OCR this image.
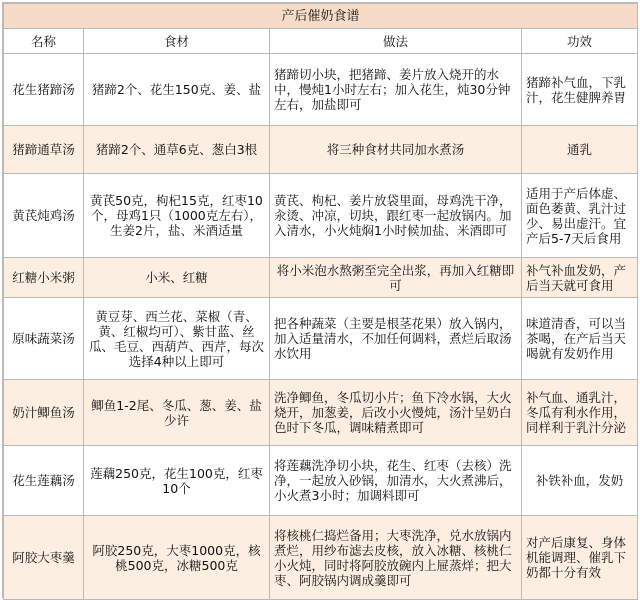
产后催奶食谱			
名称	食材	做法	功效
花生猪蹄汤	猪蹄2个、花生150克、姜、盐	猪蹄切小块，把猪蹄、姜片放入烧开的水中，慢炖1小时左右；加入花生，炖30分钟左右，加盐即可	猪蹄补气血，下乳汁，花生健脾养胃
猪蹄通草汤	猪蹄2个、通草6克、葱白3根	将三种食材共同加水煮汤	通乳
黄芪炖鸡汤	黄芪50克，枸杞15克，红枣10个，母鸡1只（1000克左右），生姜2片，盐、米酒适量	黄芪、枸杞、姜片放袋里面，母鸡洗干净，汆烫、冲凉，切块，跟红枣一起放锅内。加入清水，小火炖焖1小时候加盐、米酒即可	适用于产后体虚、面色萎黄、乳汁过少、易出虚汗。宜产后5-7天后食用
红糖小米粥	小米、红糖	将小米泡水熬粥至完全出浆，再加入红糖即可	补气补血发奶，产后当天就可食用
原味蔬菜汤	黄豆芽、西兰花、菜椒（青、黄、红椒均可）、紫甘蓝、丝瓜、毛豆、西葫芦、西芹，每次选择4种以上即可	把各种蔬菜（主要是根茎花果）放入锅内，加入适量清水，不加任何调料，煮烂后取汤水饮用	味道清香，可以当茶喝，在产后当天喝就有发奶作用
奶汁鲫鱼汤	鲫鱼1-2尾、冬瓜、葱、姜、盐少许	洗净鲫鱼，冬瓜切小片；鱼下冷水锅，大火烧开，加葱姜，后改小火慢炖，汤汁呈奶白色时下冬瓜，调味精煮即可	补气血、通乳汁，冬瓜有利水作用，同样利于乳汁分泌
花生莲藕汤	莲藕250克，花生100克，红枣10个	将莲藕洗净切小块，花生、红枣（去核）洗净，一起放入砂锅，加清水，大火煮沸后，小火煮3小时；加调料即可	补铁补血，发奶
阿胶大枣羹	阿胶250克，大枣1000克，核桃500克，冰糖500克	将核桃仁捣烂备用；大枣洗净，兑水放锅内煮烂，用纱布滤去皮核，放入冰糖、核桃仁小火炖，同时将阿胶放碗内上屉蒸烊；把大枣、阿胶锅内调成羹即可	对产后康复、身体机能调理、催乳下奶都十分有效
